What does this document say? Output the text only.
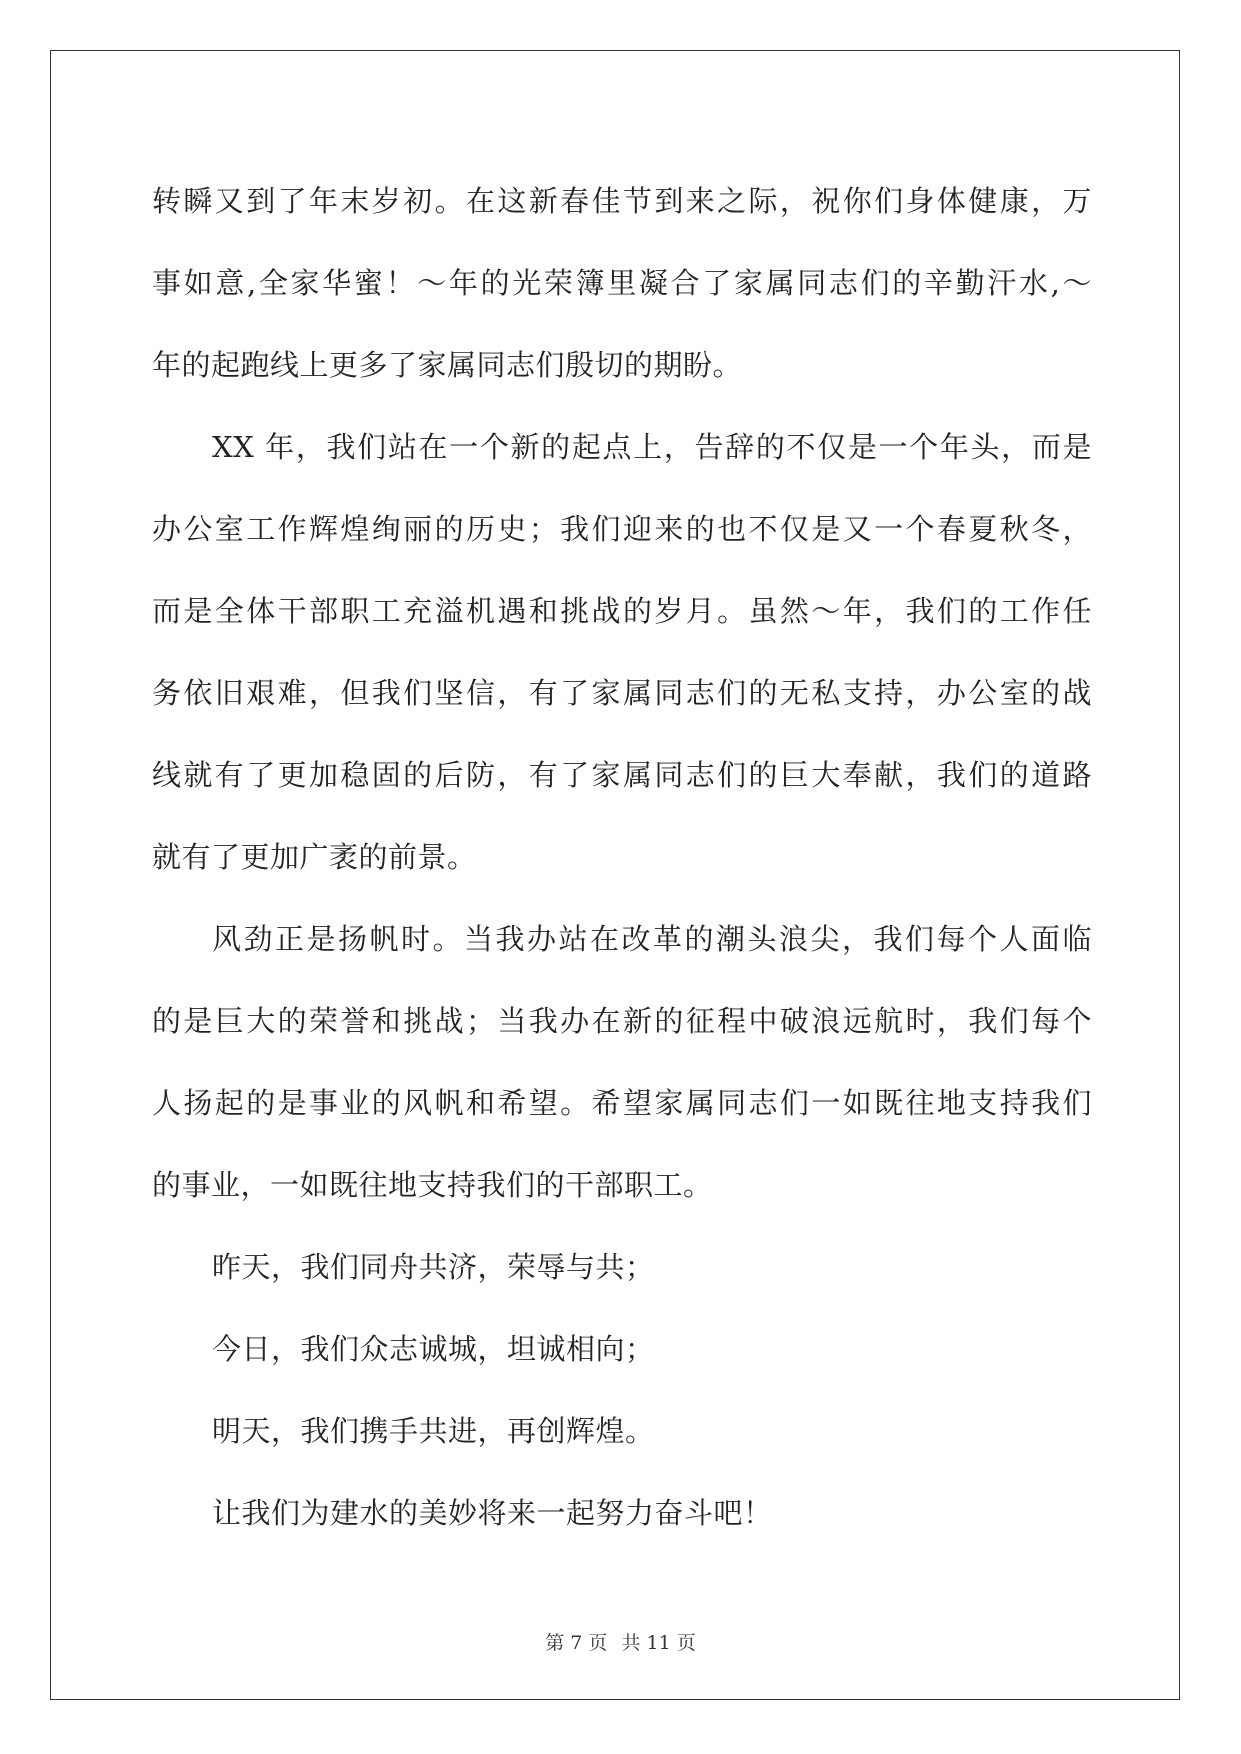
转瞬又到了年末岁初。在这新春佳节到来之际，祝你们身体健康，万
事如意,全家华蜜！～年的光荣簿里凝合了家属同志们的辛勤汗水,～
年的起跑线上更多了家属同志们殷切的期盼。
XX 年，我们站在一个新的起点上，告辞的不仅是一个年头，而是
办公室工作辉煌绚丽的历史；我们迎来的也不仅是又一个春夏秋冬，
而是全体干部职工充溢机遇和挑战的岁月。虽然～年，我们的工作任
务依旧艰难，但我们坚信，有了家属同志们的无私支持，办公室的战
线就有了更加稳固的后防，有了家属同志们的巨大奉献，我们的道路
就有了更加广袤的前景。
风劲正是扬帆时。当我办站在改革的潮头浪尖，我们每个人面临
的是巨大的荣誉和挑战；当我办在新的征程中破浪远航时，我们每个
人扬起的是事业的风帆和希望。希望家属同志们一如既往地支持我们
的事业，一如既往地支持我们的干部职工。
昨天，我们同舟共济，荣辱与共；
今日，我们众志诚城，坦诚相向；
明天，我们携手共进，再创辉煌。
让我们为建水的美妙将来一起努力奋斗吧！
第 7 页 共 11 页
